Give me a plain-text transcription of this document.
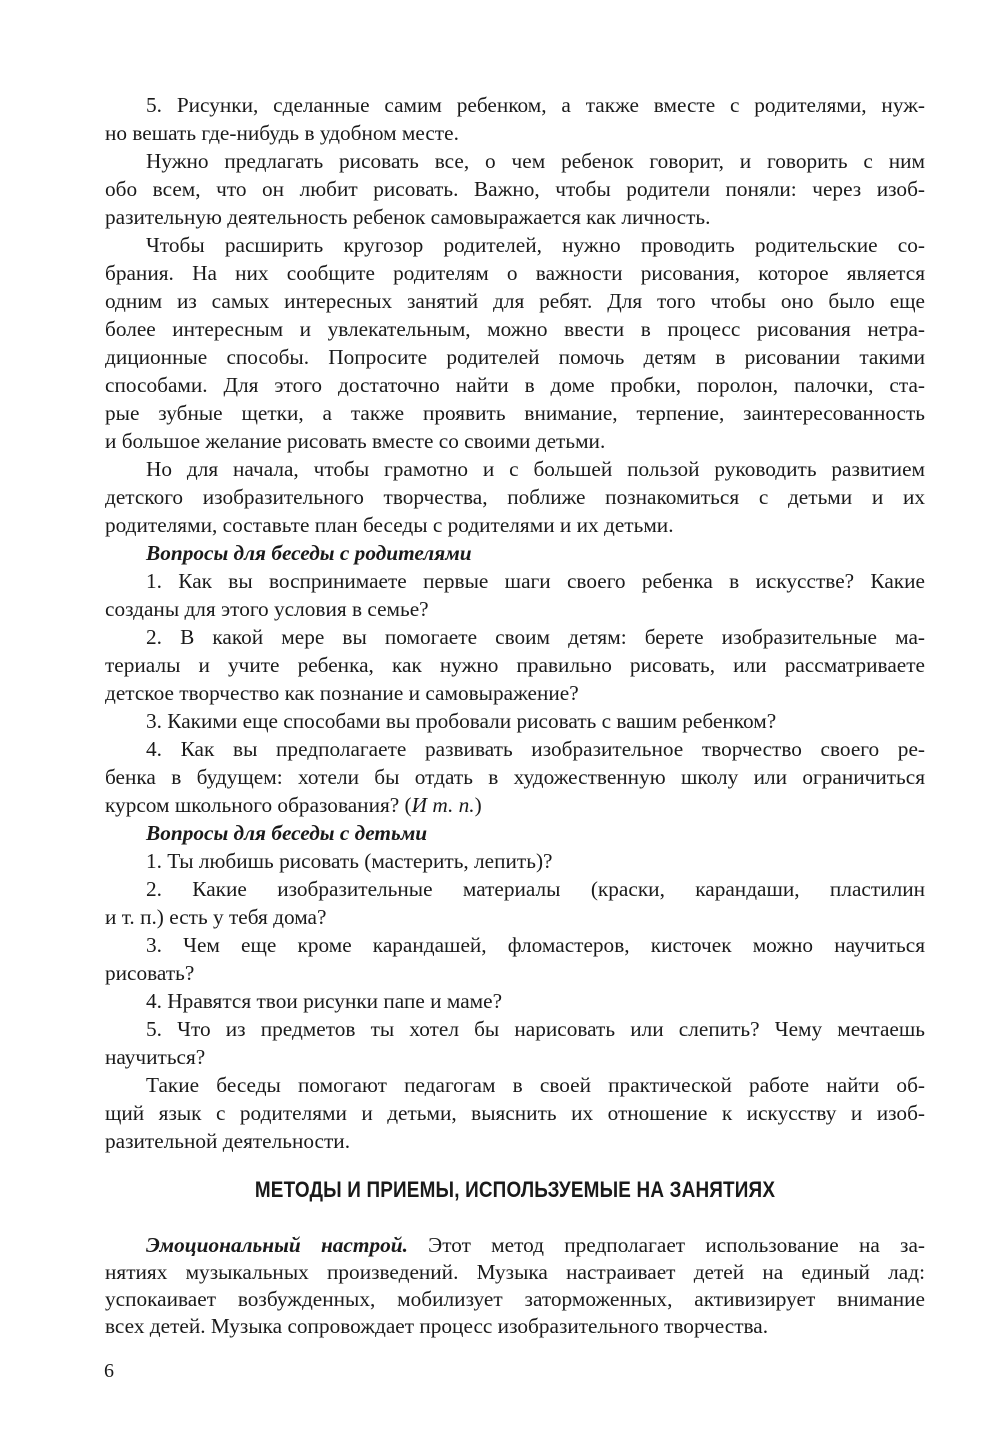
5. Рисунки, сделанные самим ребенком, а также вместе с родителями, нуж-
но вешать где-нибудь в удобном месте.
Нужно предлагать рисовать все, о чем ребенок говорит, и говорить с ним
обо всем, что он любит рисовать. Важно, чтобы родители поняли: через изоб-
разительную деятельность ребенок самовыражается как личность.
Чтобы расширить кругозор родителей, нужно проводить родительские со-
брания. На них сообщите родителям о важности рисования, которое является
одним из самых интересных занятий для ребят. Для того чтобы оно было еще
более интересным и увлекательным, можно ввести в процесс рисования нетра-
диционные способы. Попросите родителей помочь детям в рисовании такими
способами. Для этого достаточно найти в доме пробки, поролон, палочки, ста-
рые зубные щетки, а также проявить внимание, терпение, заинтересованность
и большое желание рисовать вместе со своими детьми.
Но для начала, чтобы грамотно и с большей пользой руководить развитием
детского изобразительного творчества, поближе познакомиться с детьми и их
родителями, составьте план беседы с родителями и их детьми.
Вопросы для беседы с родителями
1. Как вы воспринимаете первые шаги своего ребенка в искусстве? Какие
созданы для этого условия в семье?
2. В какой мере вы помогаете своим детям: берете изобразительные ма-
териалы и учите ребенка, как нужно правильно рисовать, или рассматриваете
детское творчество как познание и самовыражение?
3. Какими еще способами вы пробовали рисовать с вашим ребенком?
4. Как вы предполагаете развивать изобразительное творчество своего ре-
бенка в будущем: хотели бы отдать в художественную школу или ограничиться
курсом школьного образования? (И т. п.)
Вопросы для беседы с детьми
1. Ты любишь рисовать (мастерить, лепить)?
2. Какие изобразительные материалы (краски, карандаши, пластилин
и т. п.) есть у тебя дома?
3. Чем еще кроме карандашей, фломастеров, кисточек можно научиться
рисовать?
4. Нравятся твои рисунки папе и маме?
5. Что из предметов ты хотел бы нарисовать или слепить? Чему мечтаешь
научиться?
Такие беседы помогают педагогам в своей практической работе найти об-
щий язык с родителями и детьми, выяснить их отношение к искусству и изоб-
разительной деятельности.
МЕТОДЫ И ПРИЕМЫ, ИСПОЛЬЗУЕМЫЕ НА ЗАНЯТИЯХ
Эмоциональный настрой. Этот метод предполагает использование на за-
нятиях музыкальных произведений. Музыка настраивает детей на единый лад:
успокаивает возбужденных, мобилизует заторможенных, активизирует внимание
всех детей. Музыка сопровождает процесс изобразительного творчества.
6
